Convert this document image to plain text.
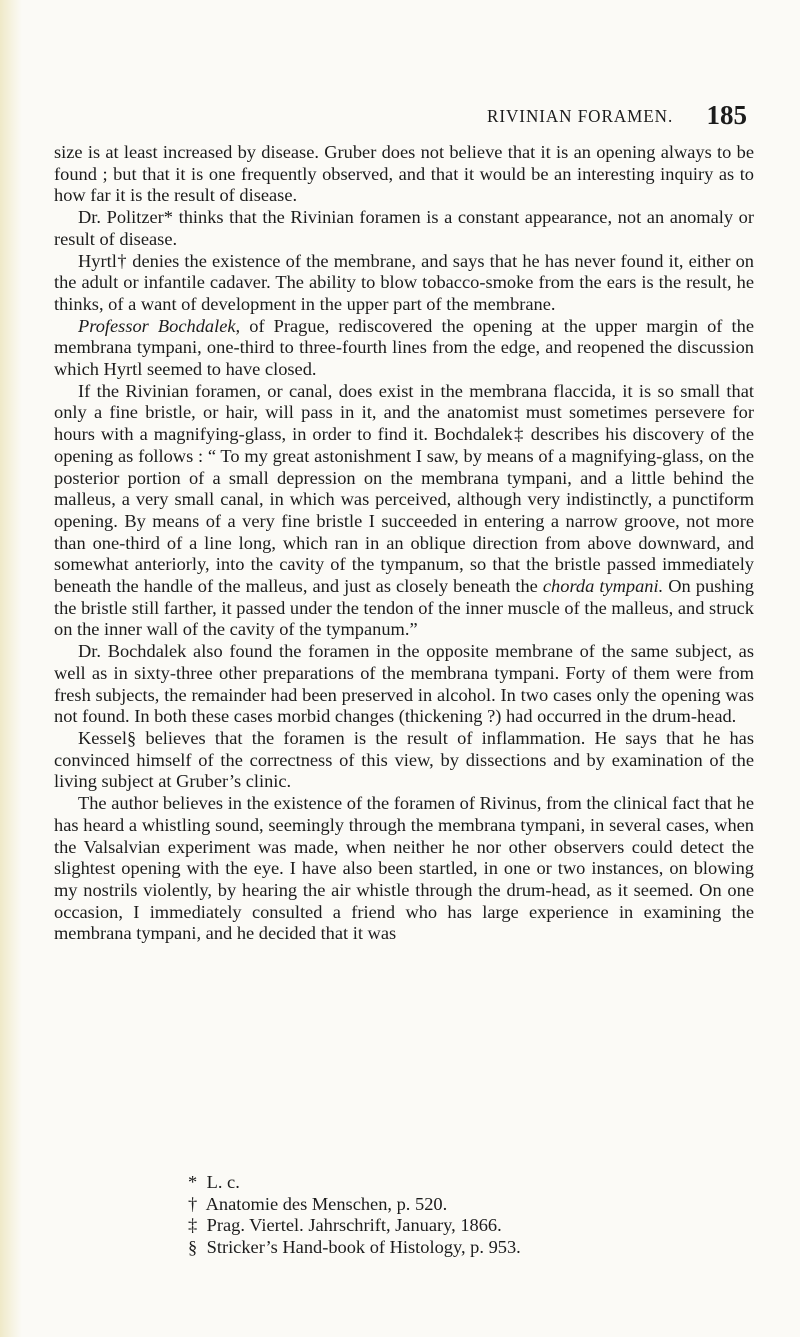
RIVINIAN FORAMEN. 185

size is at least increased by disease. Gruber does not believe that it is an opening always to be found ; but that it is one frequently observed, and that it would be an interesting inquiry as to how far it is the result of disease.

Dr. Politzer* thinks that the Rivinian foramen is a constant appearance, not an anomaly or result of disease.

Hyrtl† denies the existence of the membrane, and says that he has never found it, either on the adult or infantile cadaver. The ability to blow tobacco-smoke from the ears is the result, he thinks, of a want of development in the upper part of the membrane.

Professor Bochdalek, of Prague, rediscovered the opening at the upper margin of the membrana tympani, one-third to three-fourth lines from the edge, and reopened the discussion which Hyrtl seemed to have closed.

If the Rivinian foramen, or canal, does exist in the membrana flaccida, it is so small that only a fine bristle, or hair, will pass in it, and the anatomist must sometimes persevere for hours with a magnifying-glass, in order to find it. Bochdalek‡ describes his discovery of the opening as follows : “ To my great astonishment I saw, by means of a magnifying-glass, on the posterior portion of a small depression on the membrana tympani, and a little behind the malleus, a very small canal, in which was perceived, although very indistinctly, a punctiform opening. By means of a very fine bristle I succeeded in entering a narrow groove, not more than one-third of a line long, which ran in an oblique direction from above downward, and somewhat anteriorly, into the cavity of the tympanum, so that the bristle passed immediately beneath the handle of the malleus, and just as closely beneath the chorda tympani. On pushing the bristle still farther, it passed under the tendon of the inner muscle of the malleus, and struck on the inner wall of the cavity of the tympanum.”

Dr. Bochdalek also found the foramen in the opposite membrane of the same subject, as well as in sixty-three other preparations of the membrana tympani. Forty of them were from fresh subjects, the remainder had been preserved in alcohol. In two cases only the opening was not found. In both these cases morbid changes (thickening ?) had occurred in the drum-head.

Kessel§ believes that the foramen is the result of inflammation. He says that he has convinced himself of the correctness of this view, by dissections and by examination of the living subject at Gruber’s clinic.

The author believes in the existence of the foramen of Rivinus, from the clinical fact that he has heard a whistling sound, seemingly through the membrana tympani, in several cases, when the Valsalvian experiment was made, when neither he nor other observers could detect the slightest opening with the eye. I have also been startled, in one or two instances, on blowing my nostrils violently, by hearing the air whistle through the drum-head, as it seemed. On one occasion, I immediately consulted a friend who has large experience in examining the membrana tympani, and he decided that it was

* L. c.
† Anatomie des Menschen, p. 520.
‡ Prag. Viertel. Jahrschrift, January, 1866.
§ Stricker’s Hand-book of Histology, p. 953.
